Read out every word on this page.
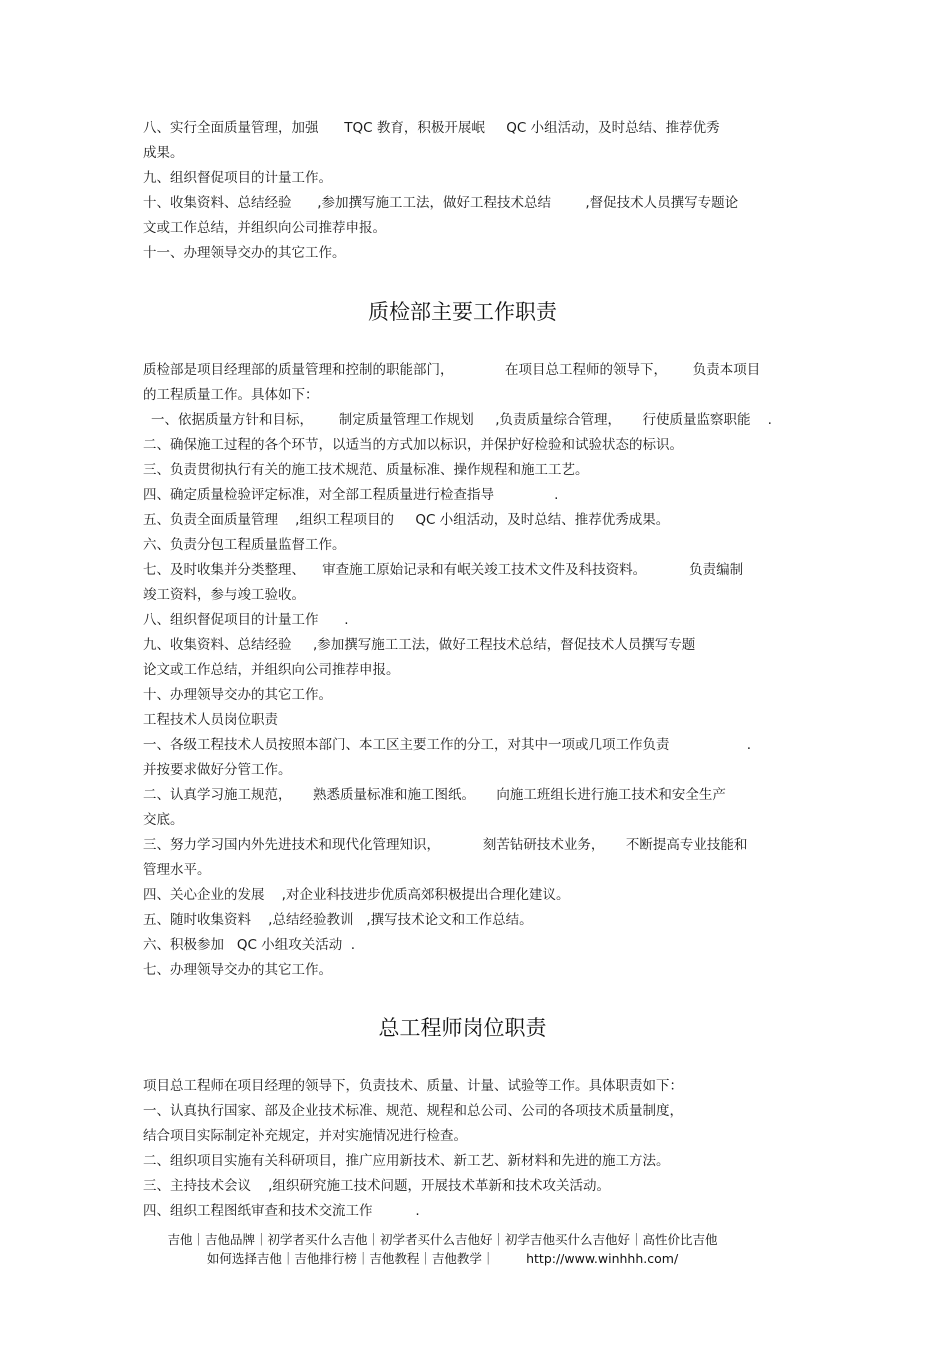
八、实行全面质量管理，加强      TQC 教育，积极开展岷     QC 小组活动，及时总结、推荐优秀
成果。
九、组织督促项目的计量工作。
十、收集资料、总结经验      ,参加撰写施工工法，做好工程技术总结        ,督促技术人员撰写专题论
文或工作总结，并组织向公司推荐申报。
十一、办理领导交办的其它工作。
质检部主要工作职责
质检部是项目经理部的质量管理和控制的职能部门，            在项目总工程师的领导下，      负责本项目
的工程质量工作。具体如下：
一、依据质量方针和目标，      制定质量管理工作规划     ,负责质量综合管理，     行使质量监察职能    .
二、确保施工过程的各个环节，以适当的方式加以标识，并保护好检验和试验状态的标识。
三、负责贯彻执行有关的施工技术规范、质量标准、操作规程和施工工艺。
四、确定质量检验评定标准，对全部工程质量进行检查指导              .
五、负责全面质量管理    ,组织工程项目的     QC 小组活动，及时总结、推荐优秀成果。
六、负责分包工程质量监督工作。
七、及时收集并分类整理、    审查施工原始记录和有岷关竣工技术文件及科技资料。          负责编制
竣工资料，参与竣工验收。
八、组织督促项目的计量工作      .
九、收集资料、总结经验     ,参加撰写施工工法，做好工程技术总结，督促技术人员撰写专题
论文或工作总结，并组织向公司推荐申报。
十、办理领导交办的其它工作。
工程技术人员岗位职责
一、各级工程技术人员按照本部门、本工区主要工作的分工，对其中一项或几项工作负责                  .
并按要求做好分管工作。
二、认真学习施工规范，     熟悉质量标准和施工图纸。     向施工班组长进行施工技术和安全生产
交底。
三、努力学习国内外先进技术和现代化管理知识，          刻苦钻研技术业务，     不断提高专业技能和
管理水平。
四、关心企业的发展    ,对企业科技进步优质高郊积极提出合理化建议。
五、随时收集资料    ,总结经验教训   ,撰写技术论文和工作总结。
六、积极参加   QC 小组攻关活动  .
七、办理领导交办的其它工作。
总工程师岗位职责
项目总工程师在项目经理的领导下，负责技术、质量、计量、试验等工作。具体职责如下：
一、认真执行国家、部及企业技术标准、规范、规程和总公司、公司的各项技术质量制度，
结合项目实际制定补充规定，并对实施情况进行检查。
二、组织项目实施有关科研项目，推广应用新技术、新工艺、新材料和先进的施工方法。
三、主持技术会议    ,组织研究施工技术问题，开展技术革新和技术攻关活动。
四、组织工程图纸审查和技术交流工作          .
吉他｜吉他品牌｜初学者买什么吉他｜初学者买什么吉他好｜初学吉他买什么吉他好｜高性价比吉他
如何选择吉他｜吉他排行榜｜吉他教程｜吉他教学｜        http://www.winhhh.com/
